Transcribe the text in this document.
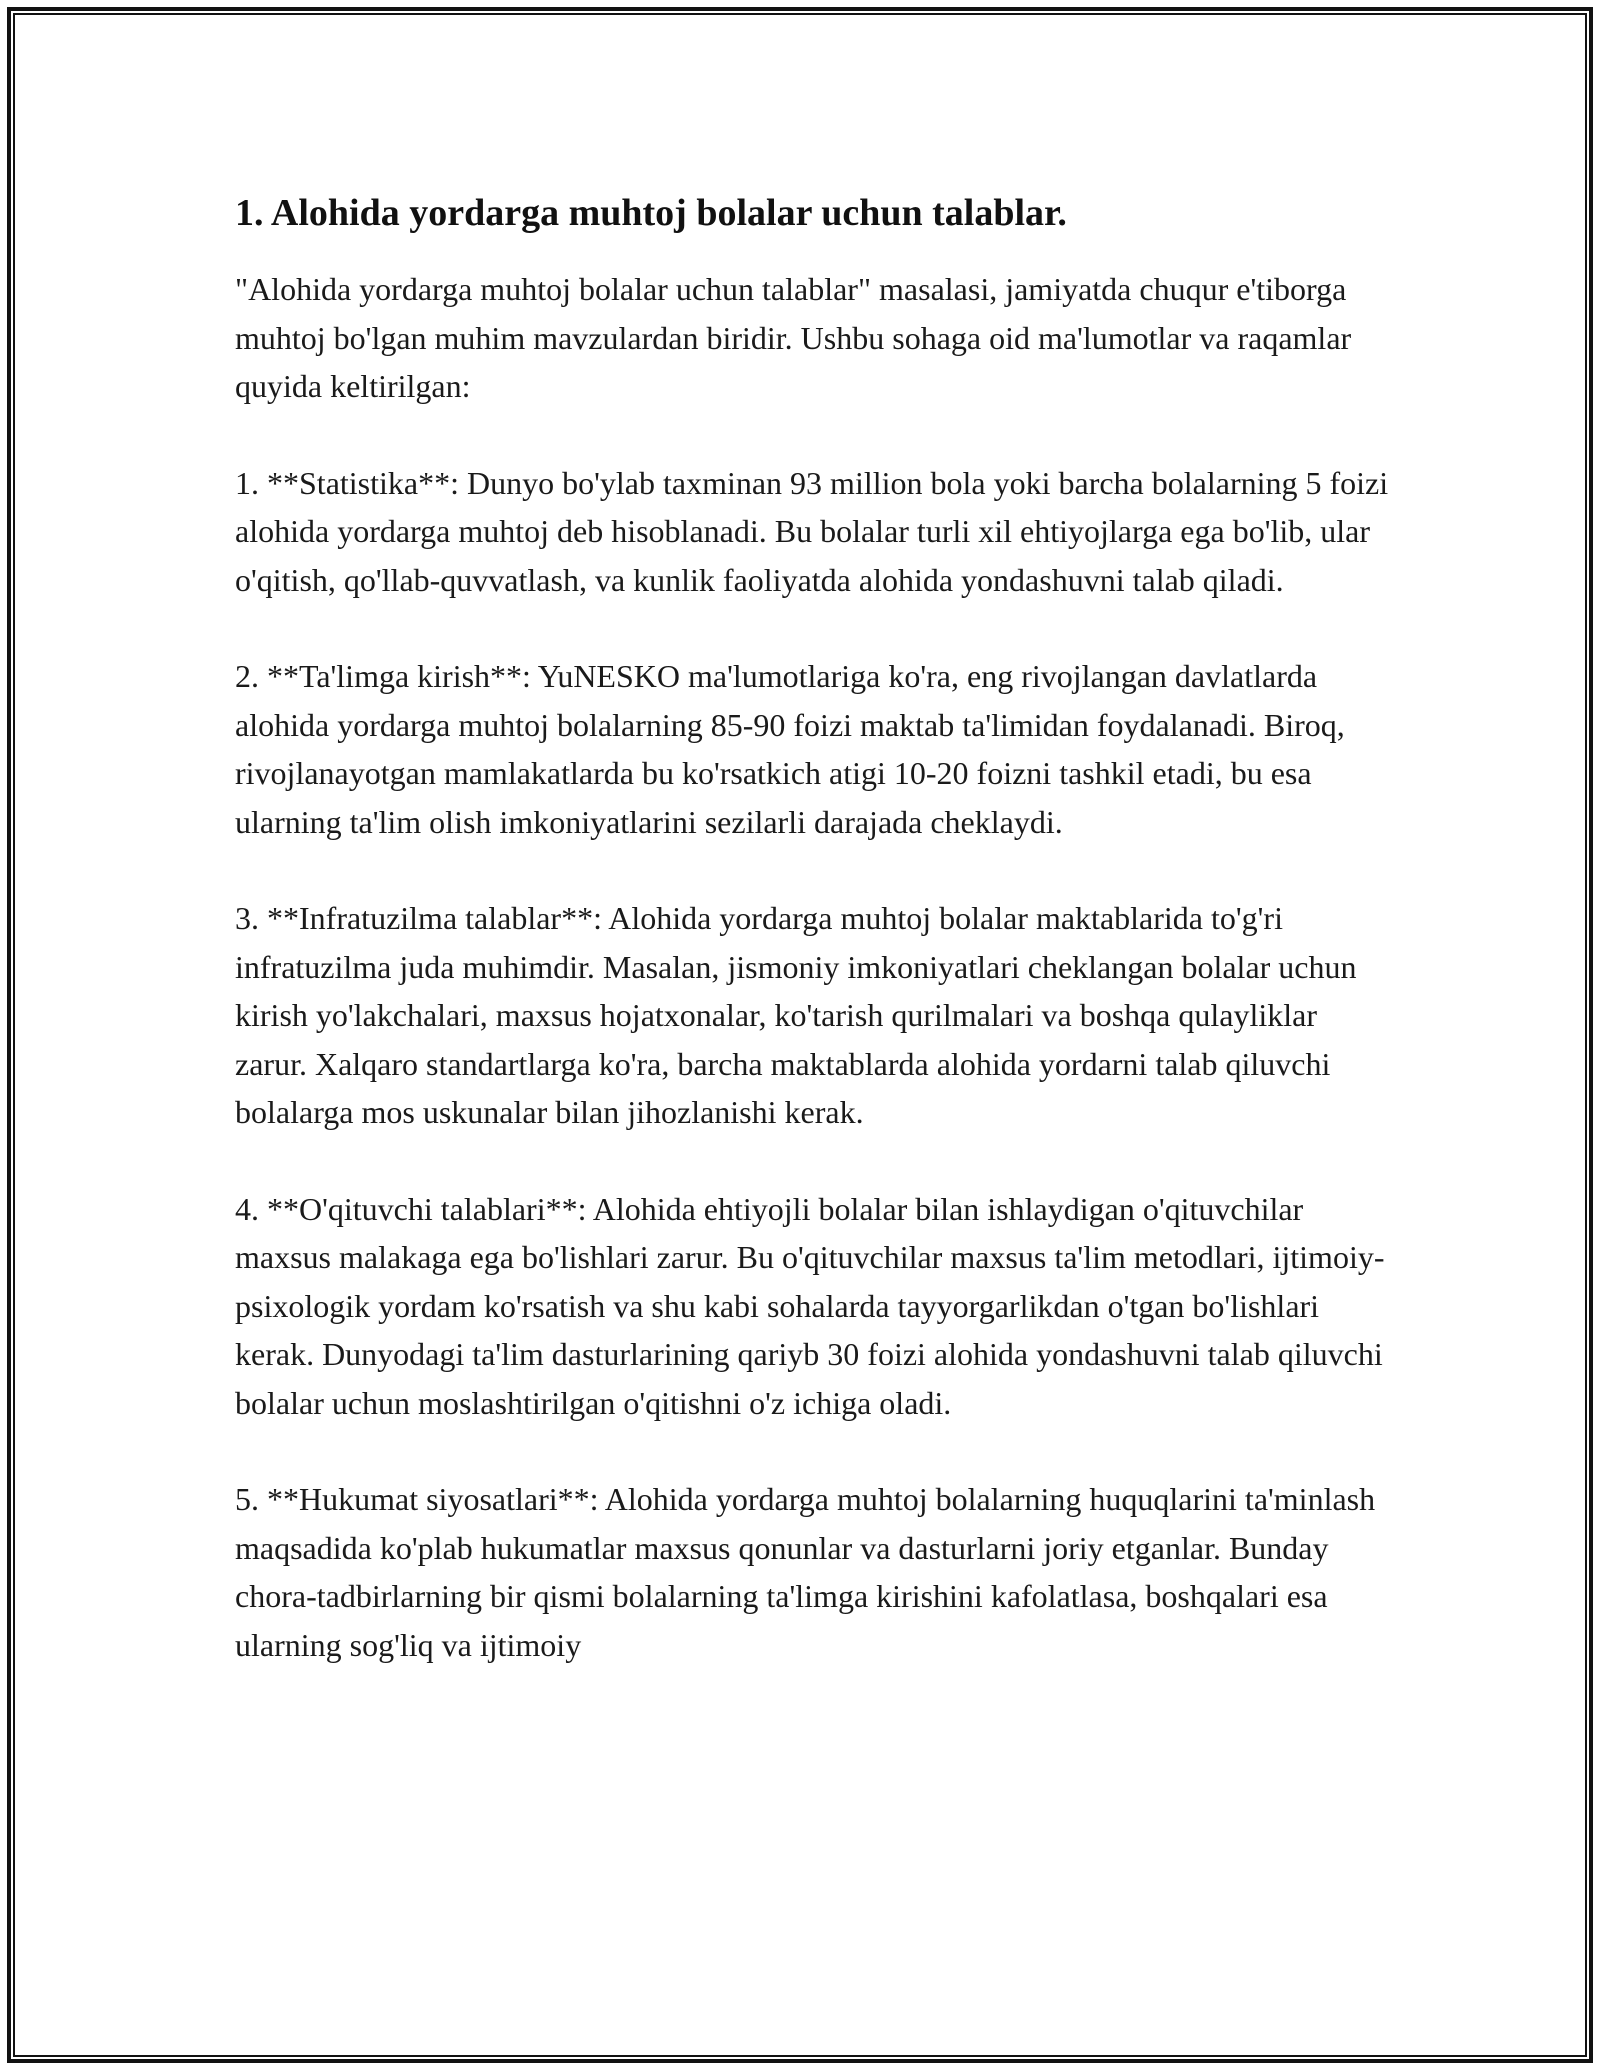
1. Alohida yordarga muhtoj bolalar uchun talablar.

"Alohida yordarga muhtoj bolalar uchun talablar" masalasi, jamiyatda chuqur e'tiborga muhtoj bo'lgan muhim mavzulardan biridir. Ushbu sohaga oid ma'lumotlar va raqamlar quyida keltirilgan:

1. **Statistika**: Dunyo bo'ylab taxminan 93 million bola yoki barcha bolalarning 5 foizi alohida yordarga muhtoj deb hisoblanadi. Bu bolalar turli xil ehtiyojlarga ega bo'lib, ular o'qitish, qo'llab-quvvatlash, va kunlik faoliyatda alohida yondashuvni talab qiladi.

2. **Ta'limga kirish**: YuNESKO ma'lumotlariga ko'ra, eng rivojlangan davlatlarda alohida yordarga muhtoj bolalarning 85-90 foizi maktab ta'limidan foydalanadi. Biroq, rivojlanayotgan mamlakatlarda bu ko'rsatkich atigi 10-20 foizni tashkil etadi, bu esa ularning ta'lim olish imkoniyatlarini sezilarli darajada cheklaydi.

3. **Infratuzilma talablar**: Alohida yordarga muhtoj bolalar maktablarida to'g'ri infratuzilma juda muhimdir. Masalan, jismoniy imkoniyatlari cheklangan bolalar uchun kirish yo'lakchalari, maxsus hojatxonalar, ko'tarish qurilmalari va boshqa qulayliklar zarur. Xalqaro standartlarga ko'ra, barcha maktablarda alohida yordarni talab qiluvchi bolalarga mos uskunalar bilan jihozlanishi kerak.

4. **O'qituvchi talablari**: Alohida ehtiyojli bolalar bilan ishlaydigan o'qituvchilar maxsus malakaga ega bo'lishlari zarur. Bu o'qituvchilar maxsus ta'lim metodlari, ijtimoiy-psixologik yordam ko'rsatish va shu kabi sohalarda tayyorgarlikdan o'tgan bo'lishlari kerak. Dunyodagi ta'lim dasturlarining qariyb 30 foizi alohida yondashuvni talab qiluvchi bolalar uchun moslashtirilgan o'qitishni o'z ichiga oladi.

5. **Hukumat siyosatlari**: Alohida yordarga muhtoj bolalarning huquqlarini ta'minlash maqsadida ko'plab hukumatlar maxsus qonunlar va dasturlarni joriy etganlar. Bunday chora-tadbirlarning bir qismi bolalarning ta'limga kirishini kafolatlasa, boshqalari esa ularning sog'liq va ijtimoiy
